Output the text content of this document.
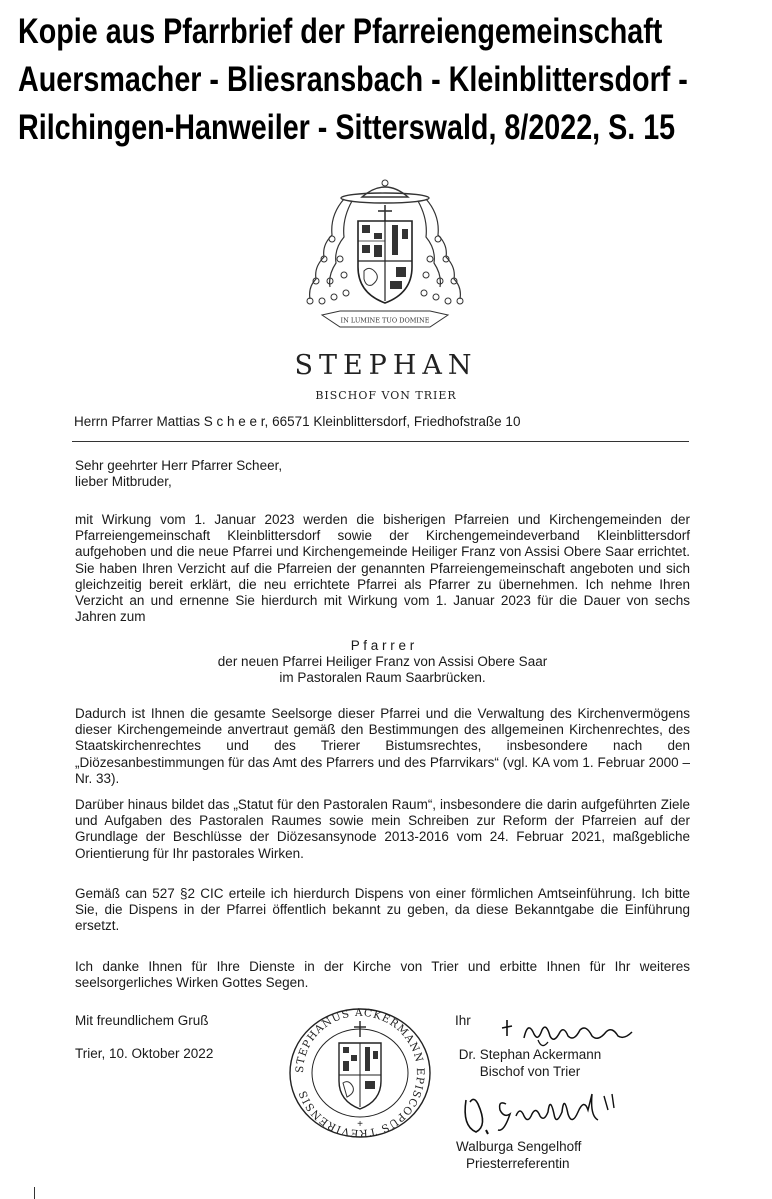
Kopie aus Pfarrbrief der Pfarreiengemeinschaft
Auersmacher - Bliesransbach - Kleinblittersdorf -
Rilchingen-Hanweiler - Sitterswald, 8/2022, S. 15
IN LUMINE TUO DOMINE
STEPHAN
BISCHOF VON TRIER
Herrn Pfarrer Mattias S c h e e r, 66571 Kleinblittersdorf, Friedhofstraße 10
Sehr geehrter Herr Pfarrer Scheer,
lieber Mitbruder,
mit Wirkung vom 1. Januar 2023 werden die bisherigen Pfarreien und Kirchengemeinden der Pfarreiengemeinschaft Kleinblittersdorf sowie der Kirchengemeindeverband Kleinblittersdorf aufgehoben und die neue Pfarrei und Kirchengemeinde Heiliger Franz von Assisi Obere Saar errichtet. Sie haben Ihren Verzicht auf die Pfarreien der genannten Pfarreiengemeinschaft angeboten und sich gleichzeitig bereit erklärt, die neu errichtete Pfarrei als Pfarrer zu übernehmen. Ich nehme Ihren Verzicht an und ernenne Sie hierdurch mit Wirkung vom 1. Januar 2023 für die Dauer von sechs Jahren zum
P f a r r e r
der neuen Pfarrei Heiliger Franz von Assisi Obere Saar
im Pastoralen Raum Saarbrücken.
Dadurch ist Ihnen die gesamte Seelsorge dieser Pfarrei und die Verwaltung des Kirchenvermögens dieser Kirchengemeinde anvertraut gemäß den Bestimmungen des allgemeinen Kirchenrechtes, des Staatskirchenrechtes und des Trierer Bistumsrechtes, insbesondere nach den „Diözesanbestimmungen für das Amt des Pfarrers und des Pfarrvikars“ (vgl. KA vom 1. Februar 2000 – Nr. 33).
Darüber hinaus bildet das „Statut für den Pastoralen Raum“, insbesondere die darin aufgeführten Ziele und Aufgaben des Pastoralen Raumes sowie mein Schreiben zur Reform der Pfarreien auf der Grundlage der Beschlüsse der Diözesansynode 2013-2016 vom 24. Februar 2021, maßgebliche Orientierung für Ihr pastorales Wirken.
Gemäß can 527 §2 CIC erteile ich hierdurch Dispens von einer förmlichen Amtseinführung. Ich bitte Sie, die Dispens in der Pfarrei öffentlich bekannt zu geben, da diese Bekanntgabe die Einführung ersetzt.
Ich danke Ihnen für Ihre Dienste in der Kirche von Trier und erbitte Ihnen für Ihr weiteres seelsorgerliches Wirken Gottes Segen.
Mit freundlichem Gruß
Trier, 10. Oktober 2022
Ihr
STEPHANUS ACKERMANN EPISCOPUS TREVIRENSIS
+
Dr. Stephan Ackermann
Bischof von Trier
Walburga Sengelhoff
Priesterreferentin
